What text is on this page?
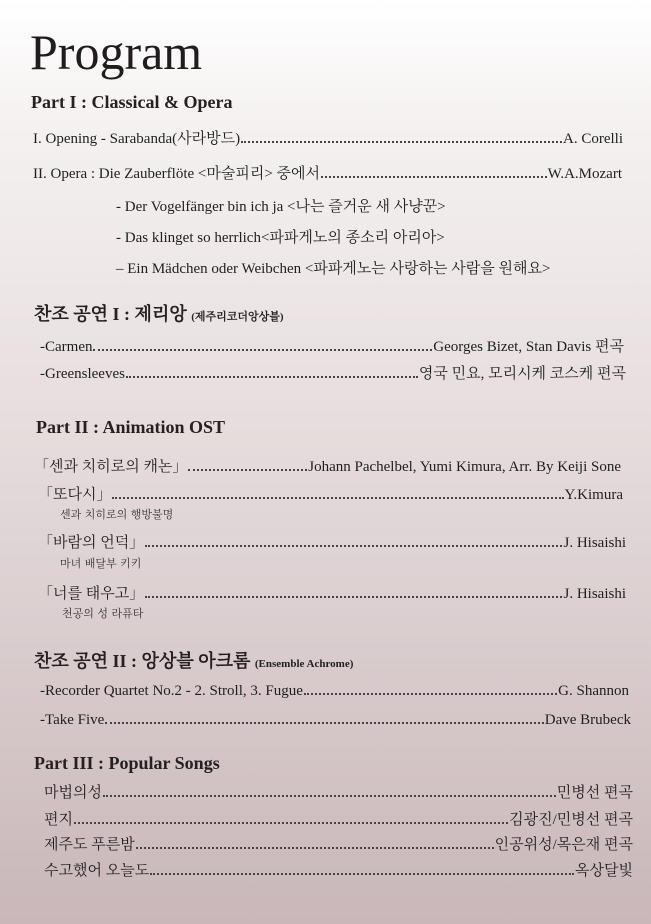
Program
Part I : Classical & Opera
I. Opening - Sarabanda(사라방드)	A. Corelli
II. Opera : Die Zauberflöte <마술피리> 중에서	W.A.Mozart
- Der Vogelfänger bin ich ja <나는 즐거운 새 사냥꾼>
- Das klinget so herrlich<파파게노의 종소리 아리아>
– Ein Mädchen oder Weibchen <파파게노는 사랑하는 사람을 원해요>
찬조 공연 I : 제리앙 (제주리코더앙상블)
-Carmen	Georges Bizet, Stan Davis 편곡
-Greensleeves	영국 민요, 모리시케 코스케 편곡
Part II : Animation OST
「센과 치히로의 캐논」	Johann Pachelbel, Yumi Kimura, Arr. By Keiji Sone
「또다시」	Y.Kimura
센과 치히로의 행방불명
「바람의 언덕」	J. Hisaishi
마녀 배달부 키키
「너를 태우고」	J. Hisaishi
천공의 성 라퓨타
찬조 공연 II : 앙상블 아크롬 (Ensemble Achrome)
-Recorder Quartet No.2 - 2. Stroll, 3. Fugue	G. Shannon
-Take Five	Dave Brubeck
Part III : Popular Songs
마법의성	민병선 편곡
편지	김광진/민병선 편곡
제주도 푸른밤	인공위성/목은재 편곡
수고했어 오늘도	옥상달빛
